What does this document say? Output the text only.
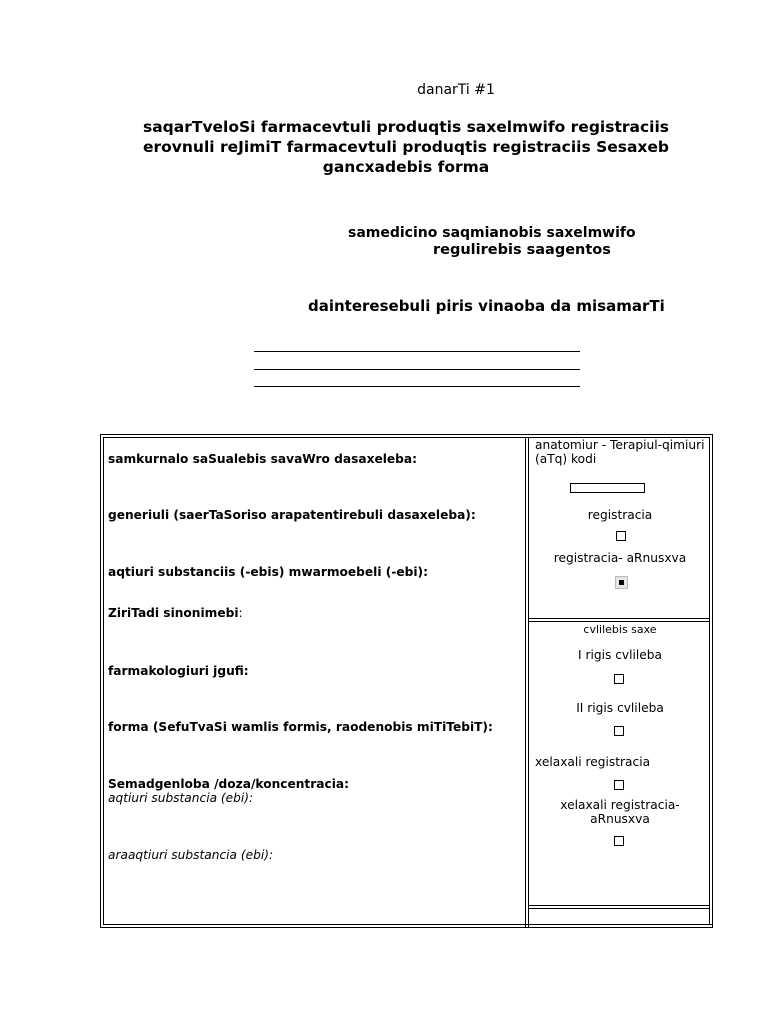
danarTi #1
saqarTveloSi farmacevtuli produqtis saxelmwifo registraciis
erovnuli reJimiT farmacevtuli produqtis registraciis Sesaxeb
gancxadebis forma
samedicino saqmianobis saxelmwifo
regulirebis saagentos
dainteresebuli piris vinaoba da misamarTi
samkurnalo saSualebis savaWro dasaxeleba:
generiuli (saerTaSoriso arapatentirebuli dasaxeleba):
aqtiuri substanciis (-ebis) mwarmoebeli (-ebi):
ZiriTadi sinonimebi:
farmakologiuri jgufi:
forma (SefuTvaSi wamlis formis, raodenobis miTiTebiT):
Semadgenloba /doza/koncentracia:
aqtiuri substancia (ebi):
araaqtiuri substancia (ebi):
anatomiur - Terapiul-qimiuri (aTq) kodi
registracia
registracia- aRnusxva
cvlilebis saxe
I rigis cvlileba
II rigis cvlileba
xelaxali registracia
xelaxali registracia-
aRnusxva
